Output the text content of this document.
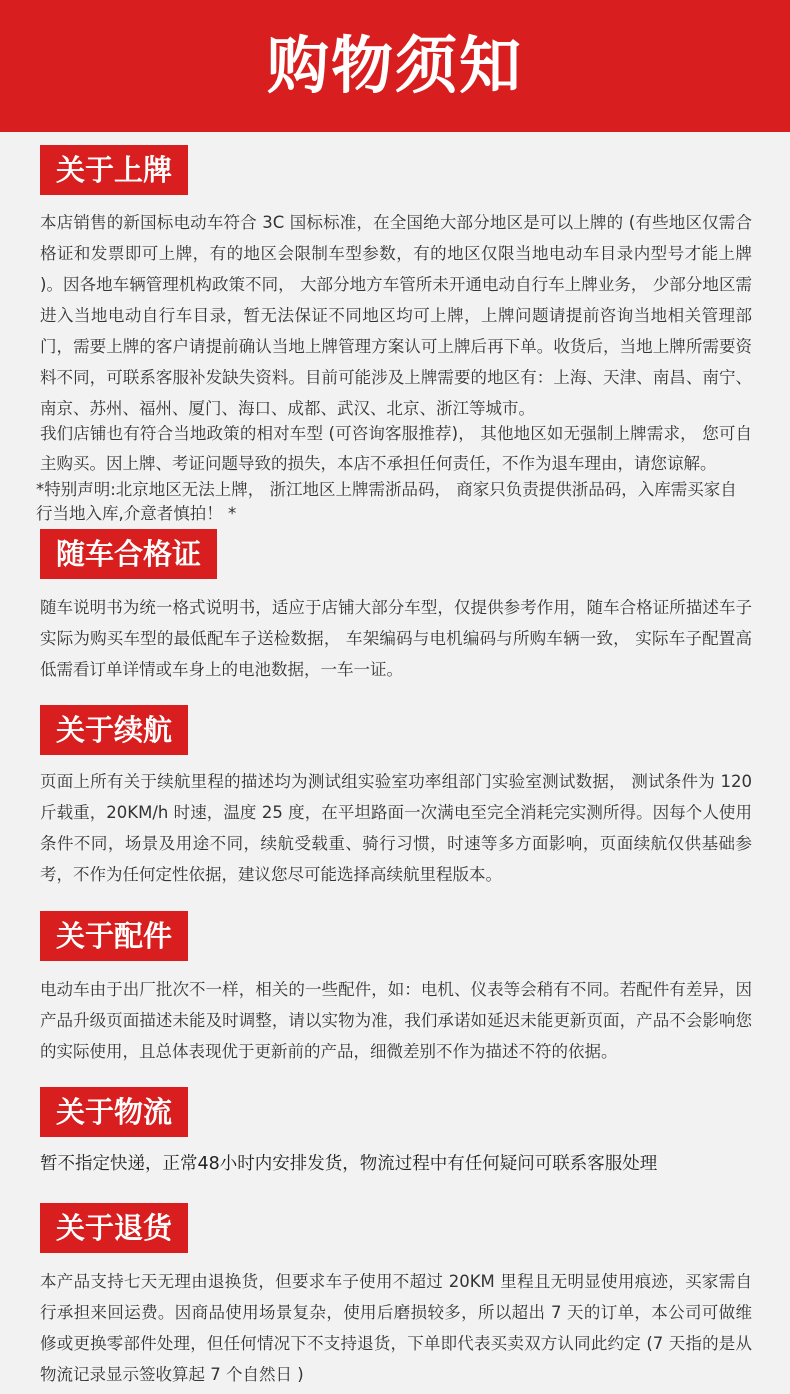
购物须知
关于上牌

本店销售的新国标电动车符合 3C 国标标准，在全国绝大部分地区是可以上牌的 (有些地区仅需合格证和发票即可上牌，有的地区会限制车型参数，有的地区仅限当地电动车目录内型号才能上牌 )。因各地车辆管理机构政策不同， 大部分地方车管所未开通电动自行车上牌业务， 少部分地区需进入当地电动自行车目录，暂无法保证不同地区均可上牌，上牌问题请提前咨询当地相关管理部门，需要上牌的客户请提前确认当地上牌管理方案认可上牌后再下单。收货后，当地上牌所需要资料不同，可联系客服补发缺失资料。目前可能涉及上牌需要的地区有：上海、天津、南昌、南宁、南京、苏州、福州、厦门、海口、成都、武汉、北京、浙江等城市。

我们店铺也有符合当地政策的相对车型 (可咨询客服推荐)， 其他地区如无强制上牌需求， 您可自主购买。因上牌、考证问题导致的损失，本店不承担任何责任，不作为退车理由，请您谅解。

*特别声明:北京地区无法上牌， 浙江地区上牌需浙品码， 商家只负责提供浙品码，入库需买家自行当地入库,介意者慎拍！ *

随车合格证

随车说明书为统一格式说明书，适应于店铺大部分车型，仅提供参考作用，随车合格证所描述车子实际为购买车型的最低配车子送检数据， 车架编码与电机编码与所购车辆一致， 实际车子配置高低需看订单详情或车身上的电池数据，一车一证。

关于续航

页面上所有关于续航里程的描述均为测试组实验室功率组部门实验室测试数据， 测试条件为 120 斤载重，20KM/h 时速，温度 25 度，在平坦路面一次满电至完全消耗完实测所得。因每个人使用条件不同，场景及用途不同，续航受载重、骑行习惯，时速等多方面影响，页面续航仅供基础参考，不作为任何定性依据，建议您尽可能选择高续航里程版本。

关于配件

电动车由于出厂批次不一样，相关的一些配件，如：电机、仪表等会稍有不同。若配件有差异，因产品升级页面描述未能及时调整，请以实物为准，我们承诺如延迟未能更新页面，产品不会影响您的实际使用，且总体表现优于更新前的产品，细微差别不作为描述不符的依据。

关于物流

暂不指定快递，正常48小时内安排发货，物流过程中有任何疑问可联系客服处理

关于退货

本产品支持七天无理由退换货，但要求车子使用不超过 20KM 里程且无明显使用痕迹，买家需自行承担来回运费。因商品使用场景复杂，使用后磨损较多，所以超出 7 天的订单，本公司可做维修或更换零部件处理，但任何情况下不支持退货，下单即代表买卖双方认同此约定 (7 天指的是从物流记录显示签收算起 7 个自然日 )
